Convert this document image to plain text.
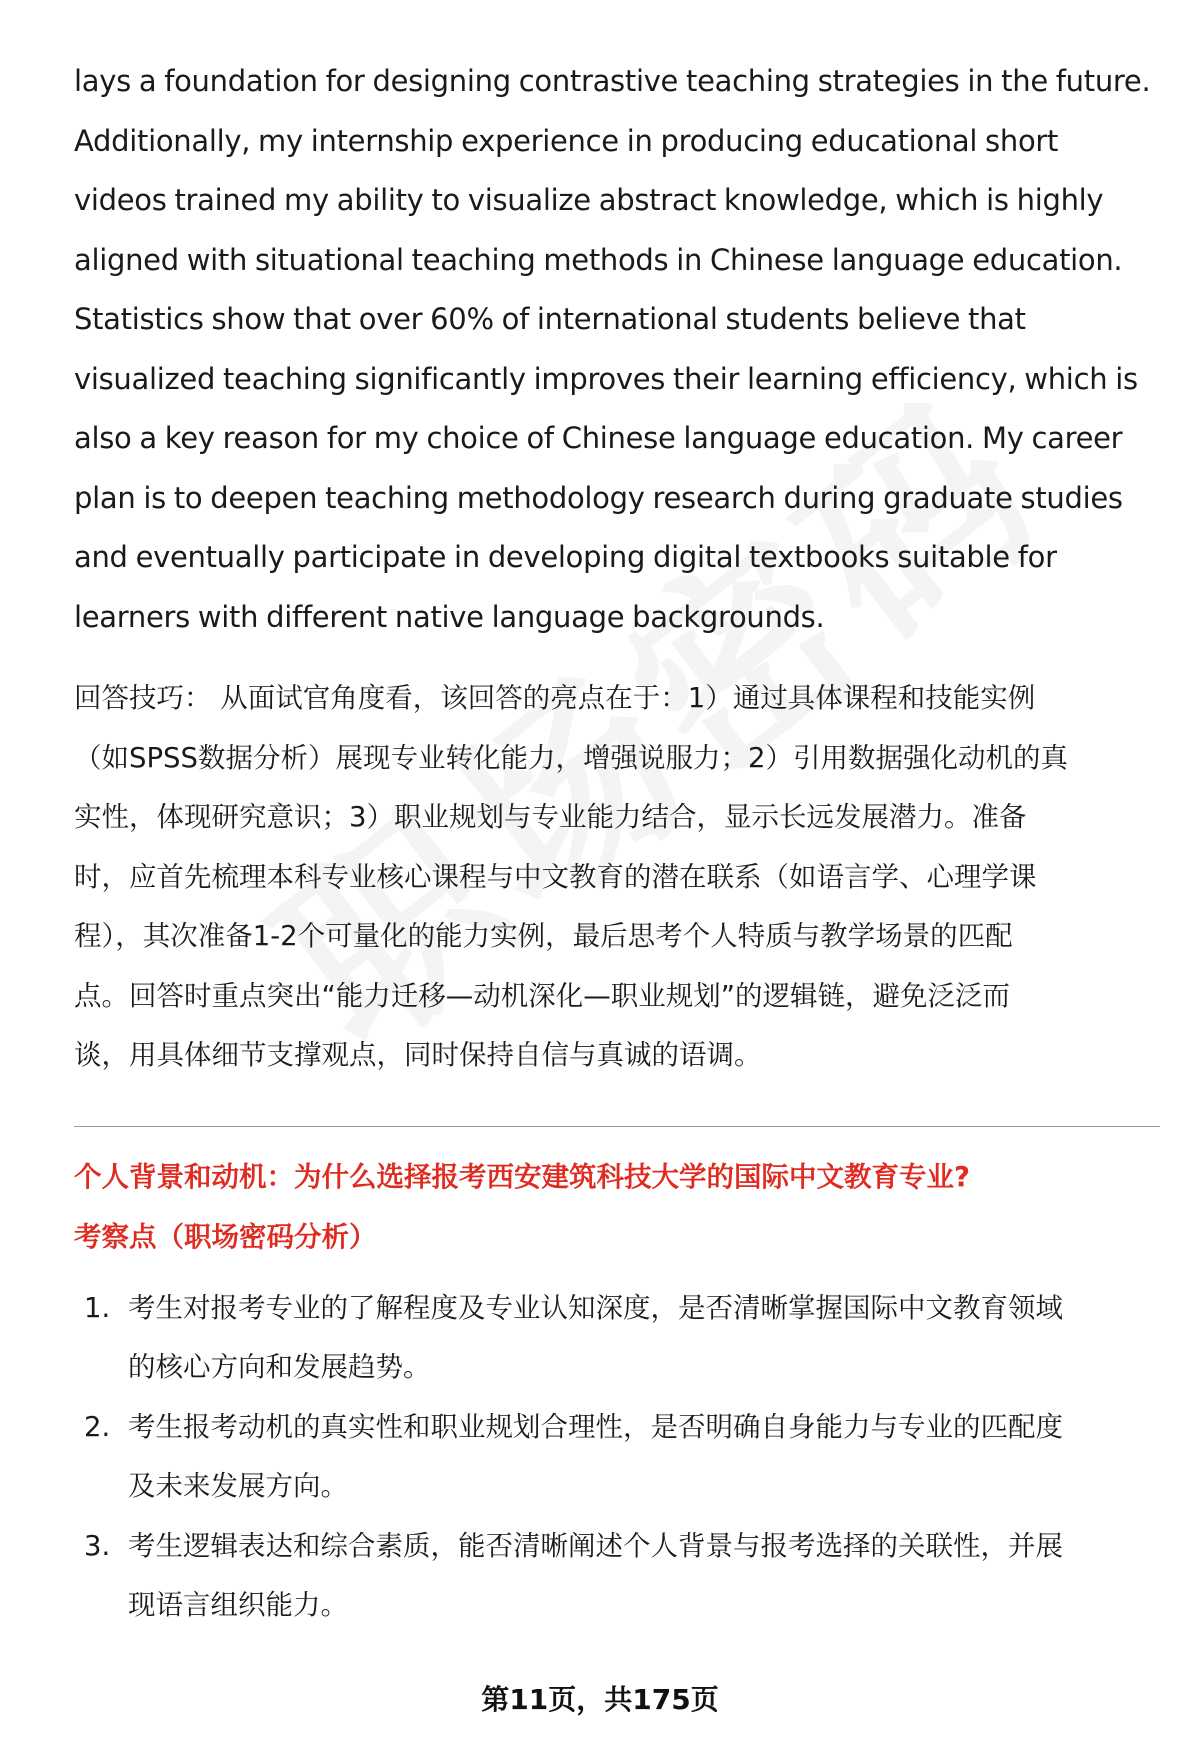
lays a foundation for designing contrastive teaching strategies in the future.
Additionally, my internship experience in producing educational short
videos trained my ability to visualize abstract knowledge, which is highly
aligned with situational teaching methods in Chinese language education.
Statistics show that over 60% of international students believe that
visualized teaching significantly improves their learning efficiency, which is
also a key reason for my choice of Chinese language education. My career
plan is to deepen teaching methodology research during graduate studies
and eventually participate in developing digital textbooks suitable for
learners with different native language backgrounds.

回答技巧： 从面试官角度看，该回答的亮点在于：1）通过具体课程和技能实例
（如SPSS数据分析）展现专业转化能力，增强说服力；2）引用数据强化动机的真
实性，体现研究意识；3）职业规划与专业能力结合，显示长远发展潜力。准备
时，应首先梳理本科专业核心课程与中文教育的潜在联系（如语言学、心理学课
程），其次准备1-2个可量化的能力实例，最后思考个人特质与教学场景的匹配
点。回答时重点突出“能力迁移—动机深化—职业规划”的逻辑链，避免泛泛而
谈，用具体细节支撑观点，同时保持自信与真诚的语调。
个人背景和动机：为什么选择报考西安建筑科技大学的国际中文教育专业?
考察点（职场密码分析）
1. 考生对报考专业的了解程度及专业认知深度，是否清晰掌握国际中文教育领域
的核心方向和发展趋势。
2. 考生报考动机的真实性和职业规划合理性，是否明确自身能力与专业的匹配度
及未来发展方向。
3. 考生逻辑表达和综合素质，能否清晰阐述个人背景与报考选择的关联性，并展
现语言组织能力。
第11页，共175页
